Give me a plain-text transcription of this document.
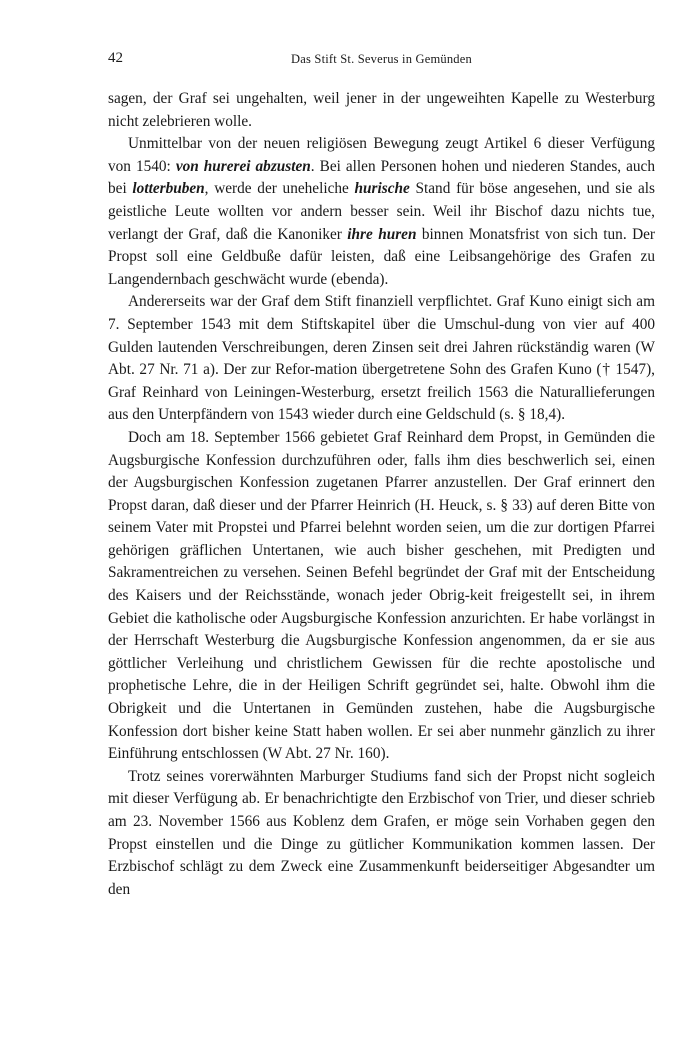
42	Das Stift St. Severus in Gemünden

sagen, der Graf sei ungehalten, weil jener in der ungeweihten Kapelle zu Westerburg nicht zelebrieren wolle.

Unmittelbar von der neuen religiösen Bewegung zeugt Artikel 6 dieser Verfügung von 1540: von hurerei abzusten. Bei allen Personen hohen und niederen Standes, auch bei lotterbuben, werde der uneheliche hurische Stand für böse angesehen, und sie als geistliche Leute wollten vor andern besser sein. Weil ihr Bischof dazu nichts tue, verlangt der Graf, daß die Kanoniker ihre huren binnen Monatsfrist von sich tun. Der Propst soll eine Geldbuße dafür leisten, daß eine Leibsangehörige des Grafen zu Langendernbach geschwächt wurde (ebenda).

Andererseits war der Graf dem Stift finanziell verpflichtet. Graf Kuno einigt sich am 7. September 1543 mit dem Stiftskapitel über die Umschul-dung von vier auf 400 Gulden lautenden Verschreibungen, deren Zinsen seit drei Jahren rückständig waren (W Abt. 27 Nr. 71 a). Der zur Refor-mation übergetretene Sohn des Grafen Kuno († 1547), Graf Reinhard von Leiningen-Westerburg, ersetzt freilich 1563 die Naturallieferungen aus den Unterpfändern von 1543 wieder durch eine Geldschuld (s. § 18,4).

Doch am 18. September 1566 gebietet Graf Reinhard dem Propst, in Gemünden die Augsburgische Konfession durchzuführen oder, falls ihm dies beschwerlich sei, einen der Augsburgischen Konfession zugetanen Pfarrer anzustellen. Der Graf erinnert den Propst daran, daß dieser und der Pfarrer Heinrich (H. Heuck, s. § 33) auf deren Bitte von seinem Vater mit Propstei und Pfarrei belehnt worden seien, um die zur dortigen Pfarrei gehörigen gräflichen Untertanen, wie auch bisher geschehen, mit Predigten und Sakramentreichen zu versehen. Seinen Befehl begründet der Graf mit der Entscheidung des Kaisers und der Reichsstände, wonach jeder Obrig-keit freigestellt sei, in ihrem Gebiet die katholische oder Augsburgische Konfession anzurichten. Er habe vorlängst in der Herrschaft Westerburg die Augsburgische Konfession angenommen, da er sie aus göttlicher Verleihung und christlichem Gewissen für die rechte apostolische und prophetische Lehre, die in der Heiligen Schrift gegründet sei, halte. Obwohl ihm die Obrigkeit und die Untertanen in Gemünden zustehen, habe die Augsburgische Konfession dort bisher keine Statt haben wollen. Er sei aber nunmehr gänzlich zu ihrer Einführung entschlossen (W Abt. 27 Nr. 160).

Trotz seines vorerwähnten Marburger Studiums fand sich der Propst nicht sogleich mit dieser Verfügung ab. Er benachrichtigte den Erzbischof von Trier, und dieser schrieb am 23. November 1566 aus Koblenz dem Grafen, er möge sein Vorhaben gegen den Propst einstellen und die Dinge zu gütlicher Kommunikation kommen lassen. Der Erzbischof schlägt zu dem Zweck eine Zusammenkunft beiderseitiger Abgesandter um den
